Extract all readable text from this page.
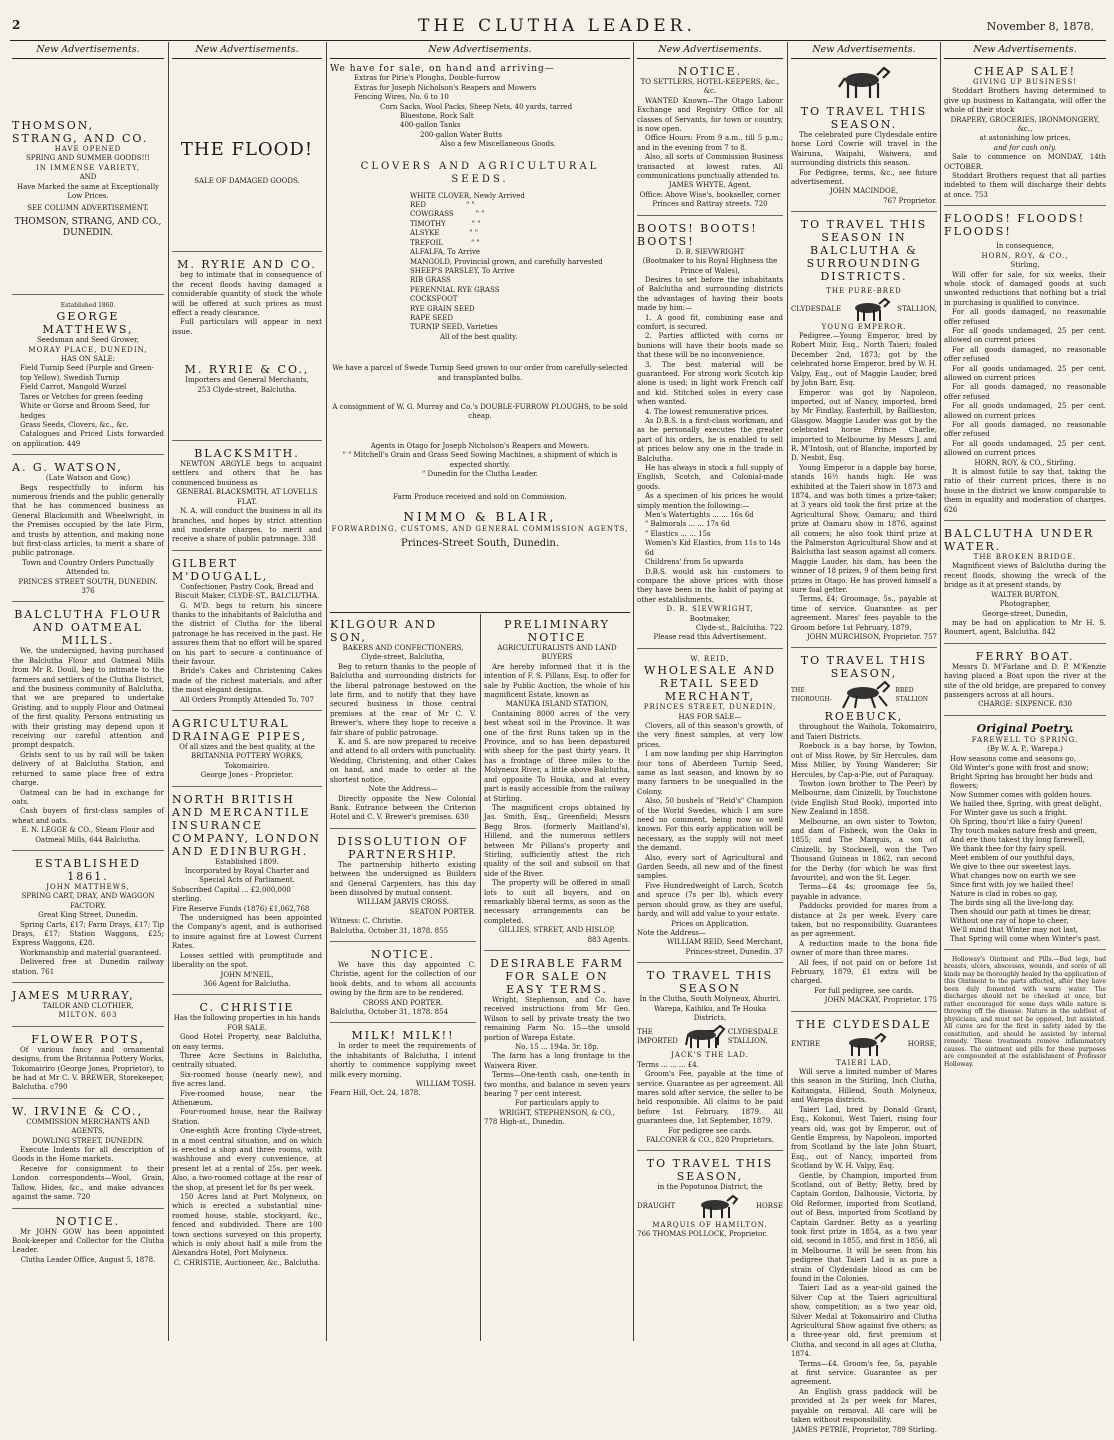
2	THE CLUTHA LEADER.	November 8, 1878.
New Advertisements.
THOMSON, STRANG, AND CO.
HAVE OPENED
SPRING AND SUMMER GOODS!!!
IN IMMENSE VARIETY,
AND
Have Marked the same at Exceptionally Low Prices.
SEE COLUMN ADVERTISEMENT.
THOMSON, STRANG, AND CO., DUNEDIN.
Established 1860.
GEORGE MATTHEWS,
Seedsman and Seed Grower,
MORAY PLACE, DUNEDIN,
HAS ON SALE:
Field Turnip Seed (Purple and Green-top Yellow), Swedish Turnip
Field Carrot, Mangold Wurzel
Tares or Vetches for green feeding
White or Gorse and Broom Seed, for hedges
Grass Seeds, Clovers, &c., &c.
Catalogues and Priced Lists forwarded on application. 449
A. G. WATSON,
(Late Watson and Gow,)
Begs respectfully to inform his numerous friends and the public generally that he has commenced business as General Blacksmith and Wheelwright, in the Premises occupied by the late Firm, and trusts by attention, and making none but first-class articles, to merit a share of public patronage.
Town and Country Orders Punctually Attended to.
PRINCES STREET SOUTH, DUNEDIN. 376
BALCLUTHA FLOUR AND OATMEAL MILLS.
We, the undersigned, having purchased the Balclutha Flour and Oatmeal Mills from Mr R. Douil, beg to intimate to the farmers and settlers of the Clutha District, and the business community of Balclutha, that we are prepared to undertake Gristing, and to supply Flour and Oatmeal of the first quality. Persons entrusting us with their gristing may depend upon it receiving our careful attention and prompt despatch.
Grists sent to us by rail will be taken delivery of at Balclutha Station, and returned to same place free of extra charge.
Oatmeal can be had in exchange for oats.
Cash buyers of first-class samples of wheat and oats.
E. N. LEGGE & CO., Steam Flour and Oatmeal Mills, 644 Balclutha.
ESTABLISHED 1861.
JOHN MATTHEWS,
SPRING CART, DRAY, AND WAGGON FACTORY.
Great King Street, Dunedin.
Spring Carts, £17; Farm Drays, £17; Tip Drays, £17; Station Waggons, £25; Express Waggons, £28.
Workmanship and material guaranteed.
Delivered free at Dunedin railway station. 761
JAMES MURRAY,
TAILOR AND CLOTHIER,
MILTON. 603
FLOWER POTS,
Of various fancy and ornamental designs, from the Britannia Pottery Works, Tokomairiro (George Jones, Proprietor), to be had at Mr C. V. BREWER, Storekeeper, Balclutha. c790
W. IRVINE & CO.,
COMMISSION MERCHANTS AND AGENTS,
DOWLING STREET, DUNEDIN.
Execute Indents for all description of Goods in the Home markets.
Receive for consignment to their London correspondents—Wool, Grain, Tallow, Hides, &c., and make advances against the same. 720
NOTICE.
Mr JOHN GOW has been appointed Book-keeper and Collector for the Clutha Leader.
Clutha Leader Office, August 5, 1878.
New Advertisements.
THE FLOOD!
SALE OF DAMAGED GOODS.
M. RYRIE AND CO.
beg to intimate that in consequence of the recent floods having damaged a considerable quantity of stock the whole will be offered at such prices as must effect a ready clearance.
Full particulars will appear in next issue.
M. RYRIE & CO.,
Importers and General Merchants,
253 Clyde-street, Balclutha.
BLACKSMITH.
NEWTON ARGYLE begs to acquaint settlers and others that he has commenced business as
GENERAL BLACKSMITH, AT LOVELLS FLAT.
N. A. will conduct the business in all its branches, and hopes by strict attention and moderate charges, to merit and receive a share of public patronage. 338
GILBERT M'DOUGALL,
Confectioner, Pastry Cook, Bread and Biscuit Maker, CLYDE-ST., BALCLUTHA.
G. M'D. begs to return his sincere thanks to the inhabitants of Balclutha and the district of Clutha for the liberal patronage he has received in the past. He assures them that no effort will be spared on his part to secure a continuance of their favour.
Bride's Cakes and Christening Cakes made of the richest materials, and after the most elegant designs.
All Orders Promptly Attended To. 707
AGRICULTURAL DRAINAGE PIPES,
Of all sizes and the best quality, at the
BRITANNIA POTTERY WORKS,
Tokomairiro.
George Jones - Proprietor.
NORTH BRITISH AND MERCANTILE INSURANCE COMPANY, LONDON AND EDINBURGH.
Established 1809.
Incorporated by Royal Charter and Special Acts of Parliament.
Subscribed Capital ... £2,000,000 sterling.
Fire Reserve Funds (1876) £1,062,768
The undersigned has been appointed the Company's agent, and is authorised to insure against fire at Lowest Current Rates.
Losses settled with promptitude and liberality on the spot.
JOHN M'NEIL,
366 Agent for Balclutha.
C. CHRISTIE
Has the following properties in his hands FOR SALE.
Good Hotel Property, near Balclutha, on easy terms.
Three Acre Sections in Balclutha, centrally situated.
Six-roomed house (nearly new), and five acres land.
Five-roomed house, near the Athenæum.
Four-roomed house, near the Railway Station.
One-eighth Acre fronting Clyde-street, in a most central situation, and on which is erected a shop and three rooms, with washhouse and every convenience, at present let at a rental of 25s. per week. Also, a two-roomed cottage at the rear of the shop, at present let for 8s per week.
150 Acres land at Port Molyneux, on which is erected a substantial nine-roomed house, stable, stockyard, &c., fenced and subdivided. There are 100 town sections surveyed on this property, which is only about half a mile from the Alexandra Hotel, Port Molyneux.
C. CHRISTIE, Auctioneer, &c., Balclutha.
New Advertisements.
We have for sale, on hand and arriving—
Extras for Pirie's Ploughs, Double-furrow
Extras for Joseph Nicholson's Reapers and Mowers
Fencing Wires, No. 6 to 10
Corn Sacks, Wool Packs, Sheep Nets, 40 yards, tarred
Bluestone, Rock Salt
400-gallon Tanks
200-gallon Water Butts
Also a few Miscellaneous Goods.
CLOVERS AND AGRICULTURAL SEEDS.
WHITE CLOVER, Newly Arrived
RED	" "
COWGRASS	" "
TIMOTHY	" "
ALSYKE	" "
TREFOIL	" "
ALFALFA, To Arrive
MANGOLD, Provincial grown, and carefully harvested
SHEEP'S PARSLEY, To Arrive
RIB GRASS
PERENNIAL RYE GRASS
COCKSFOOT
RYE GRAIN SEED
RAPE SEED
TURNIP SEED, Varieties
All of the best quality.
We have a parcel of Swede Turnip Seed grown to our order from carefully-selected and transplanted bulbs.
A consignment of W. G. Murray and Co.'s DOUBLE-FURROW PLOUGHS, to be sold cheap.
Agents in Otago for Joseph Nicholson's Reapers and Mowers.
" " Mitchell's Grain and Grass Seed Sowing Machines, a shipment of which is expected shortly.
" Dunedin for the Clutha Leader.
Farm Produce received and sold on Commission.
NIMMO & BLAIR,
FORWARDING, CUSTOMS, AND GENERAL COMMISSION AGENTS,
Princes-Street South, Dunedin.
KILGOUR AND SON,
BAKERS AND CONFECTIONERS,
Clyde-street, Balclutha,
Beg to return thanks to the people of Balclutha and surrounding districts for the liberal patronage bestowed on the late firm, and to notify that they have secured business in those central premises at the rear of Mr C. V. Brewer's, where they hope to receive a fair share of public patronage.
K. and S. are now prepared to receive and attend to all orders with punctuality. Wedding, Christening, and other Cakes on hand, and made to order at the shortest notice.
Note the Address—
Directly opposite the New Colonial Bank. Entrance between the Criterion Hotel and C. V. Brewer's premises. 630
DISSOLUTION OF PARTNERSHIP.
The partnership hitherto existing between the undersigned as Builders and General Carpenters, has this day been dissolved by mutual consent.
WILLIAM JARVIS CROSS.
SEATON PORTER.
Witness: C. Christie.
Balclutha, October 31, 1878. 855
NOTICE.
We have this day appointed C. Christie, agent for the collection of our book debts, and to whom all accounts owing by the firm are to be rendered.
CROSS AND PORTER.
Balclutha, October 31, 1878. 854
MILK! MILK!!
In order to meet the requirements of the inhabitants of Balclutha, I intend shortly to commence supplying sweet milk every morning.
WILLIAM TOSH.
Fearn Hill, Oct. 24, 1878.
PRELIMINARY NOTICE
AGRICULTURALISTS AND LAND BUYERS
Are hereby informed that it is the intention of F. S. Pillans, Esq. to offer for sale by Public Auction, the whole of his magnificent Estate, known as
MANUKA ISLAND STATION,
Containing 8000 acres of the very best wheat soil in the Province. It was one of the first Runs taken up in the Province, and so has been depastured with sheep for the past thirty years. It has a frontage of three miles to the Molyneux River, a little above Balclutha, and opposite To Houka, and at every part is easily accessible from the railway at Stirling.
The magnificent crops obtained by Jas. Smith, Esq., Greenfield; Messrs Begg Bros. (formerly Maitland's), Hillend, and the numerous settlers between Mr Pillans's property and Stirling, sufficiently attest the rich quality of the soil and subsoil on that side of the River.
The property will be offered in small lots to suit all buyers, and on remarkably liberal terms, as soon as the necessary arrangements can be completed.
GILLIES, STREET, AND HISLOP,
883 Agents.
DESIRABLE FARM FOR SALE ON EASY TERMS.
Wright, Stephenson, and Co. have received instructions from Mr Geo. Wilson to sell by private treaty the two remaining Farm No. 15—the unsold portion of Warepa Estate.
No. 15 ... 194a. 3r. 18p.
The farm has a long frontage to the Waiwera River.
Terms—One-tenth cash, one-tenth in two months, and balance in seven years bearing 7 per cent interest.
For particulars apply to
WRIGHT, STEPHENSON, & CO.,
778 High-st., Dunedin.
New Advertisements.
NOTICE.
TO SETTLERS, HOTEL-KEEPERS, &c., &c.
WANTED Known—The Otago Labour Exchange and Registry Office for all classes of Servants, for town or country, is now open.
Office Hours: From 9 a.m., till 5 p.m.; and in the evening from 7 to 8.
Also, all sorts of Commission Business transacted at lowest rates. All communications punctually attended to.
JAMES WHYTE, Agent,
Office: Above Wise's, bookseller, corner Princes and Rattray streets. 720
BOOTS! BOOTS! BOOTS!
D. B. SIEVWRIGHT
(Bootmaker to his Royal Highness the Prince of Wales),
Desires to set before the inhabitants of Balclutha and surrounding districts the advantages of having their boots made by him:—
1. A good fit, combining ease and comfort, is secured.
2. Parties afflicted with corns or bunions will have their boots made so that these will be no inconvenience.
3. The best material will be guaranteed. For strong work Scotch kip alone is used; in light work French calf and kid. Stitched soles in every case when wanted.
4. The lowest remunerative prices.
As D.B.S. is a first-class workman, and as he personally executes the greater part of his orders, he is enabled to sell at prices below any one in the trade in Balclutha.
He has always in stock a full supply of English, Scotch, and Colonial-made goods.
As a specimen of his prices he would simply mention the following:—
Men's Watertights ... ... 16s 6d
" Balmorals ... ... 17s 6d
" Elastics ... ... 15s
Women's Kid Elastics, from 11s to 14s 6d
Childrens' from 5s upwards
D.B.S. would ask his customers to compare the above prices with those they have been in the habit of paying at other establishments.
D. B. SIEVWRIGHT,
Bootmaker,
Clyde-st., Balclutha. 722
Please read this Advertisement.
W. REID,
WHOLESALE AND RETAIL SEED MERCHANT,
PRINCES STREET, DUNEDIN,
HAS FOR SALE—
Clovers, all of this season's growth, of the very finest samples, at very low prices.
I am now landing per ship Harrington four tons of Aberdeen Turnip Seed, same as last season, and known by so many farmers to be unequalled in the Colony.
Also, 50 bushels of "Reid's" Champion of the World Swedes, which I am sure need no comment, being now so well known. For this early application will be necessary, as the supply will not meet the demand.
Also, every sort of Agricultural and Garden Seeds, all new and of the finest samples.
Five Hundredweight of Larch, Scotch and spruce (7s per lb), which every person should grow, as they are useful, hardy, and will add value to your estate.
Prices on Application.
Note the Address—
WILLIAM REID, Seed Merchant, Princes-street, Dunedin. 37
TO TRAVEL THIS SEASON
In the Clutha, South Molyneux, Ahuriri, Warepa, Kaihiku, and Te Houka Districts,
THE IMPORTED
CLYDESDALE STALLION,
JACK'S THE LAD.
Terms ... ... ... £4.
Groom's Fee, payable at the time of service. Guarantee as per agreement. All mares sold after service, the seller to be held responsible. All claims to be paid before 1st February, 1879. All guarantees due, 1st September, 1879.
For pedigree see cards.
FALCONER & CO., 820 Proprietors.
TO TRAVEL THIS SEASON,
in the Popotunoa District, the
DRAUGHT	HORSE
MARQUIS OF HAMILTON.
766 THOMAS POLLOCK, Proprietor.
New Advertisements.
TO TRAVEL THIS SEASON.
The celebrated pure Clydesdale entire horse Lord Cowrie will travel in the Wairuna, Waipahi, Waiwera, and surrounding districts this season.
For Pedigree, terms, &c., see future advertisement.
JOHN MACINDOE,
767 Proprietor.
TO TRAVEL THIS SEASON IN BALCLUTHA & SURROUNDING DISTRICTS.
THE PURE-BRED
CLYDESDALE	STALLION,
YOUNG EMPEROR.
Pedigree.—Young Emperor, bred by Robert Muir, Esq., North Taieri; foaled December 2nd, 1873; got by the celebrated horse Emperor, bred by W. H. Valpy, Esq., out of Maggie Lauder, bred by John Barr, Esq.
Emperor was got by Napoleon, imported, out of Nancy, imported, bred by Mr Findlay, Easterhill, by Baillieston, Glasgow. Maggie Lauder was got by the celebrated horse Prince Charlie, imported to Melbourne by Messrs J. and R. M'Intosh, out of Blanche, imported by D. Nesbit, Esq.
Young Emperor is a dapple bay horse, stands 16½ hands high. He was exhibited at the Taieri show in 1873 and 1874, and was both times a prize-taker; at 3 years old took the first prize at the Agricultural Show, Oamaru; and third prize at Oamaru show in 1876, against all comers; he also took third prize at the Palmerston Agricultural Show and at Balclutha last season against all comers. Maggie Lauder, his dam, has been the winner of 18 prizes, 9 of them being first prizes in Otago. He has proved himself a sure foal getter.
Terms, £4; Groomage, 5s., payable at time of service. Guarantee as per agreement. Mares' fees payable to the Groom before 1st February, 1879.
JOHN MURCHISON, Proprietor. 757
TO TRAVEL THIS SEASON,
THE THOROUGH-
BRED STALLION
ROEBUCK,
throughout the Waihola, Tokomairiro, and Taieri Districts.
Roebuck is a bay horse, by Towton, out of Miss Rowe, by Sir Hercules, dam Miss Miller, by Young Wanderer; Sir Hercules, by Cap-a-Pie, out of Paraquay.
Towton (own brother to The Peer) by Melbourne, dam Cinizelli, by Touchstone (vide English Stud Book), imported into New Zealand in 1858.
Melbourne, an own sister to Towton, and dam of Fisbeck, won the Oaks in 1855; and The Marquis, a son of Cinizelli, by Stockwell, won the Two Thousand Guineas in 1862, ran second for the Derby (for which he was first favourite), and won the St. Leger.
Terms—£4 4s; groomage fee 5s, payable in advance.
Paddocks provided for mares from a distance at 2s per week. Every care taken, but no responsibility. Guarantees as per agreement.
A reduction made to the bona fide owner of more than three mares.
All fees, if not paid on or before 1st February, 1879, £1 extra will be charged.
For full pedigree, see cards.
JOHN MACKAY, Proprietor. 175
THE CLYDESDALE
ENTIRE	HORSE,
TAIERI LAD,
Will serve a limited number of Mares this season in the Stirling, Inch Clutha, Kaitangata, Hillend, South Molyneux, and Warepa districts.
Taieri Lad, bred by Donald Grant, Esq., Kokonui, West Taieri, rising four years old, was got by Emperor, out of Gentle Empress, by Napoleon, imported from Scotland by the late John Stuart, Esq., out of Nancy, imported from Scotland by W. H. Valpy, Esq.
Gentle, by Champion, imported from Scotland, out of Betty; Betty, bred by Captain Gordon, Dalhousie, Victoria, by Old Reformer, imported from Scotland, out of Bess, imported from Scotland by Captain Gardner. Betty as a yearling took first prize in 1854, as a two year old, second in 1855, and first in 1856, all in Melbourne. It will be seen from his pedigree that Taieri Lad is as pure a strain of Clydesdale blood as can be found in the Colonies.
Taieri Lad as a year-old gained the Silver Cup at the Taieri agricultural show, competition; as a two year old, Silver Medal at Tokomairiro and Clutha Agricultural Show against five others; as a three-year old, first premium at Clutha, and second in all ages at Clutha, 1874.
Terms—£4. Groom's fee, 5s, payable at first service. Guarantee as per agreement.
An English grass paddock will be provided at 2s per week for Mares, payable on removal. All care will be taken without responsibility.
JAMES PETRIE, Proprietor, 789 Stirling.
New Advertisements.
CHEAP SALE!
GIVING UP BUSINESS!
Stoddart Brothers having determined to give up business in Kaitangata, will offer the whole of their stock
DRAPERY, GROCERIES, IRONMONGERY, &c.,
at astonishing low prices,
and for cash only.
Sale to commence on MONDAY, 14th OCTOBER.
Stoddart Brothers request that all parties indebted to them will discharge their debts at once. 753
FLOODS! FLOODS! FLOODS!
In consequence,
HORN, ROY, & CO.,
Stirling,
Will offer for sale, for six weeks, their whole stock of damaged goods at such unwonted reductions that nothing but a trial in purchasing is qualified to convince.
For all goods damaged, no reasonable offer refused
For all goods undamaged, 25 per cent. allowed on current prices
For all goods damaged, no reasonable offer refused
For all goods undamaged, 25 per cent. allowed on current prices
For all goods damaged, no reasonable offer refused
For all goods undamaged, 25 per cent. allowed on current prices
For all goods damaged, no reasonable offer refused
For all goods undamaged, 25 per cent. allowed on current prices
HORN, ROY, & CO., Stirling.
It is almost futile to say that, taking the ratio of their current prices, there is no house in the district we know comparable to them in equality and moderation of charges. 626
BALCLUTHA UNDER WATER.
THE BROKEN BRIDGE.
Magnificent views of Balclutha during the recent floods, showing the wreck of the bridge as it at present stands, by
WALTER BURTON,
Photographer,
George-street, Dunedin,
may be had on application to Mr H. S. Roumert, agent, Balclutha. 842
FERRY BOAT.
Messrs D. M'Farlane and D. P. M'Kenzie having placed a Boat upon the river at the site of the old bridge, are prepared to convey passengers across at all hours.
CHARGE: SIXPENCE. 830
Original Poetry.
FAREWELL TO SPRING.
(By W. A. P., Warepa.)
How seasons come and seasons go,
Old Winter's gone with frost and snow;
Bright Spring has brought her buds and flowers;
Now Summer comes with golden hours.
We hailed thee, Spring, with great delight,
For Winter gave us such a fright.
Oh Spring, thou'rt like a fairy Queen!
Thy touch makes nature fresh and green,
And ere thou takest thy long farewell,
We thank thee for thy fairy spell.
Meet emblem of our youthful days,
We give to thee our sweetest lays.
What changes now on earth we see
Since first with joy we hailed thee!
Nature is clad in robes so gay,
The birds sing all the live-long day.
Then should our path at times be drear,
Without one ray of hope to cheer,
We'll mind that Winter may not last,
That Spring will come when Winter's past.
Holloway's Ointment and Pills.—Bad legs, bad breasts, ulcers, abscesses, wounds, and sores of all kinds may be thoroughly healed by the application of this Ointment to the parts affected, after they have been duly fomented with warm water. The discharges should not be checked at once, but rather encouraged for some days while nature is throwing off the disease. Nature in the subtlest of physicians, and must not be opposed, but assisted. All cures are for the first in safety aided by the constitution, and should be assisted by internal remedy. These treatments remove inflammatory causes. The ointment and pills for these purposes are compounded at the establishment of Professor Holloway.
